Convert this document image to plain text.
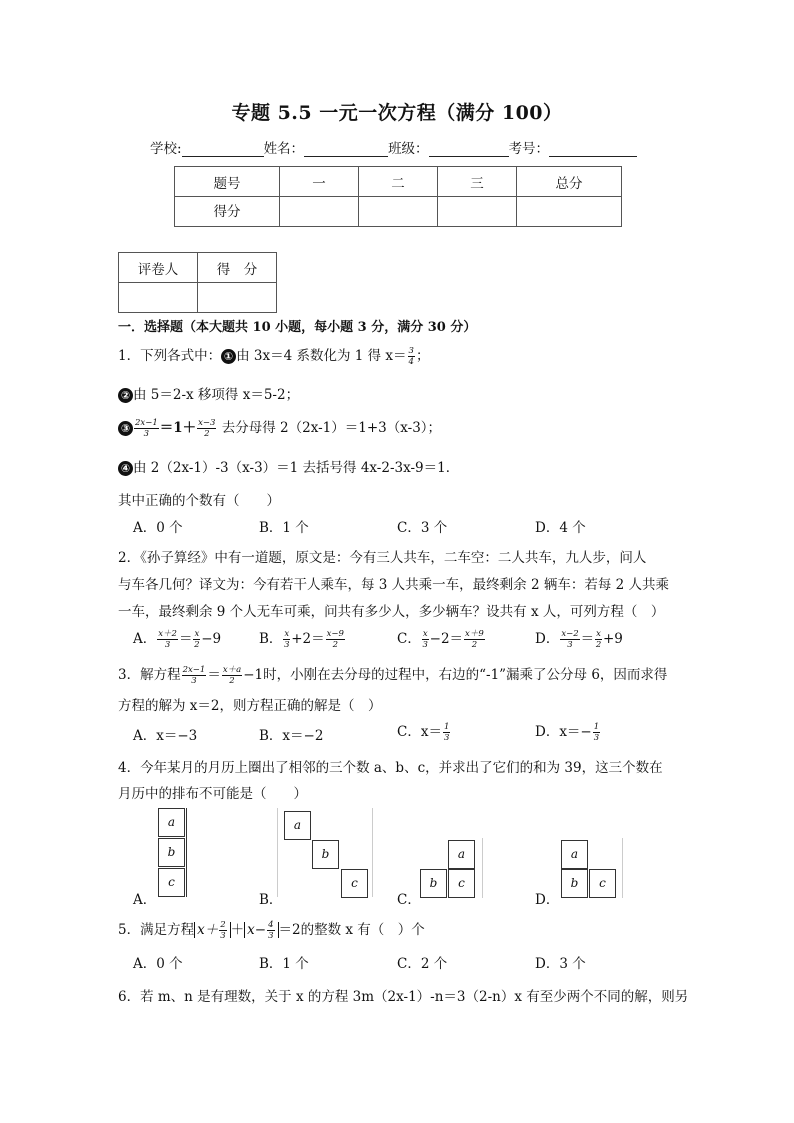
专题 5.5 一元一次方程（满分 100）
学校:	姓名：	班级：	考号：
题号	一	二	三	总分
得分				
评卷人	得　分

一．选择题（本大题共 10 小题，每小题 3 分，满分 30 分）
1．下列各式中： ① 由 3x＝4 系数化为 1 得 $x= \frac{3}{4}$ ；
② 由 5＝2-x 移项得 x＝5-2；
③ $\frac{2x-1}{3} =1+ \frac{x-3}{2}$ 去分母得 2（2x-1）＝1+3（x-3）；
④ 由 2（2x-1）-3（x-3）＝1 去括号得 4x-2-3x-9＝1．
其中正确的个数有（　　）
A．0 个	B．1 个	C．3 个	D．4 个
2．《孙子算经》中有一道题，原文是：今有三人共车，二车空：二人共车，九人步，问人
与车各几何？译文为：今有若干人乘车，每 3 人共乘一车，最终剩余 2 辆车：若每 2 人共乘
一车，最终剩余 9 个人无车可乘，问共有多少人，多少辆车？设共有 x 人，可列方程（　）
A． $\frac{x+2}{3} = \frac{x}{2} -9$	B． $\frac{x}{3} +2= \frac{x-9}{2}$	C． $\frac{x}{3} -2= \frac{x+9}{2}$	D． $\frac{x-2}{3} = \frac{x}{2} +9$
3．解方程 $\frac{2x-1}{3} = \frac{x+a}{2} -1$时，小刚在去分母的过程中，右边的“-1”漏乘了公分母 6，因而求得
方程的解为 x＝2，则方程正确的解是（　）
A．x＝−3	B．x＝−2	C．$x= \frac{1}{3}$	D．$x=- \frac{1}{3}$
4．今年某月的月历上圈出了相邻的三个数 a、b、c，并求出了它们的和为 39，这三个数在
月历中的排布不可能是（　　）
a
b
c
A．
a
b
c
B．
a
b	c
C．
a
b	c
D．
5．满足方程 $x+ \frac{2}{3} + x- \frac{4}{3} =2$的整数 x 有（　）个
A．0 个	B．1 个	C．2 个	D．3 个
6．若 m、n 是有理数，关于 x 的方程 3m（2x-1）-n＝3（2-n）x 有至少两个不同的解，则另
